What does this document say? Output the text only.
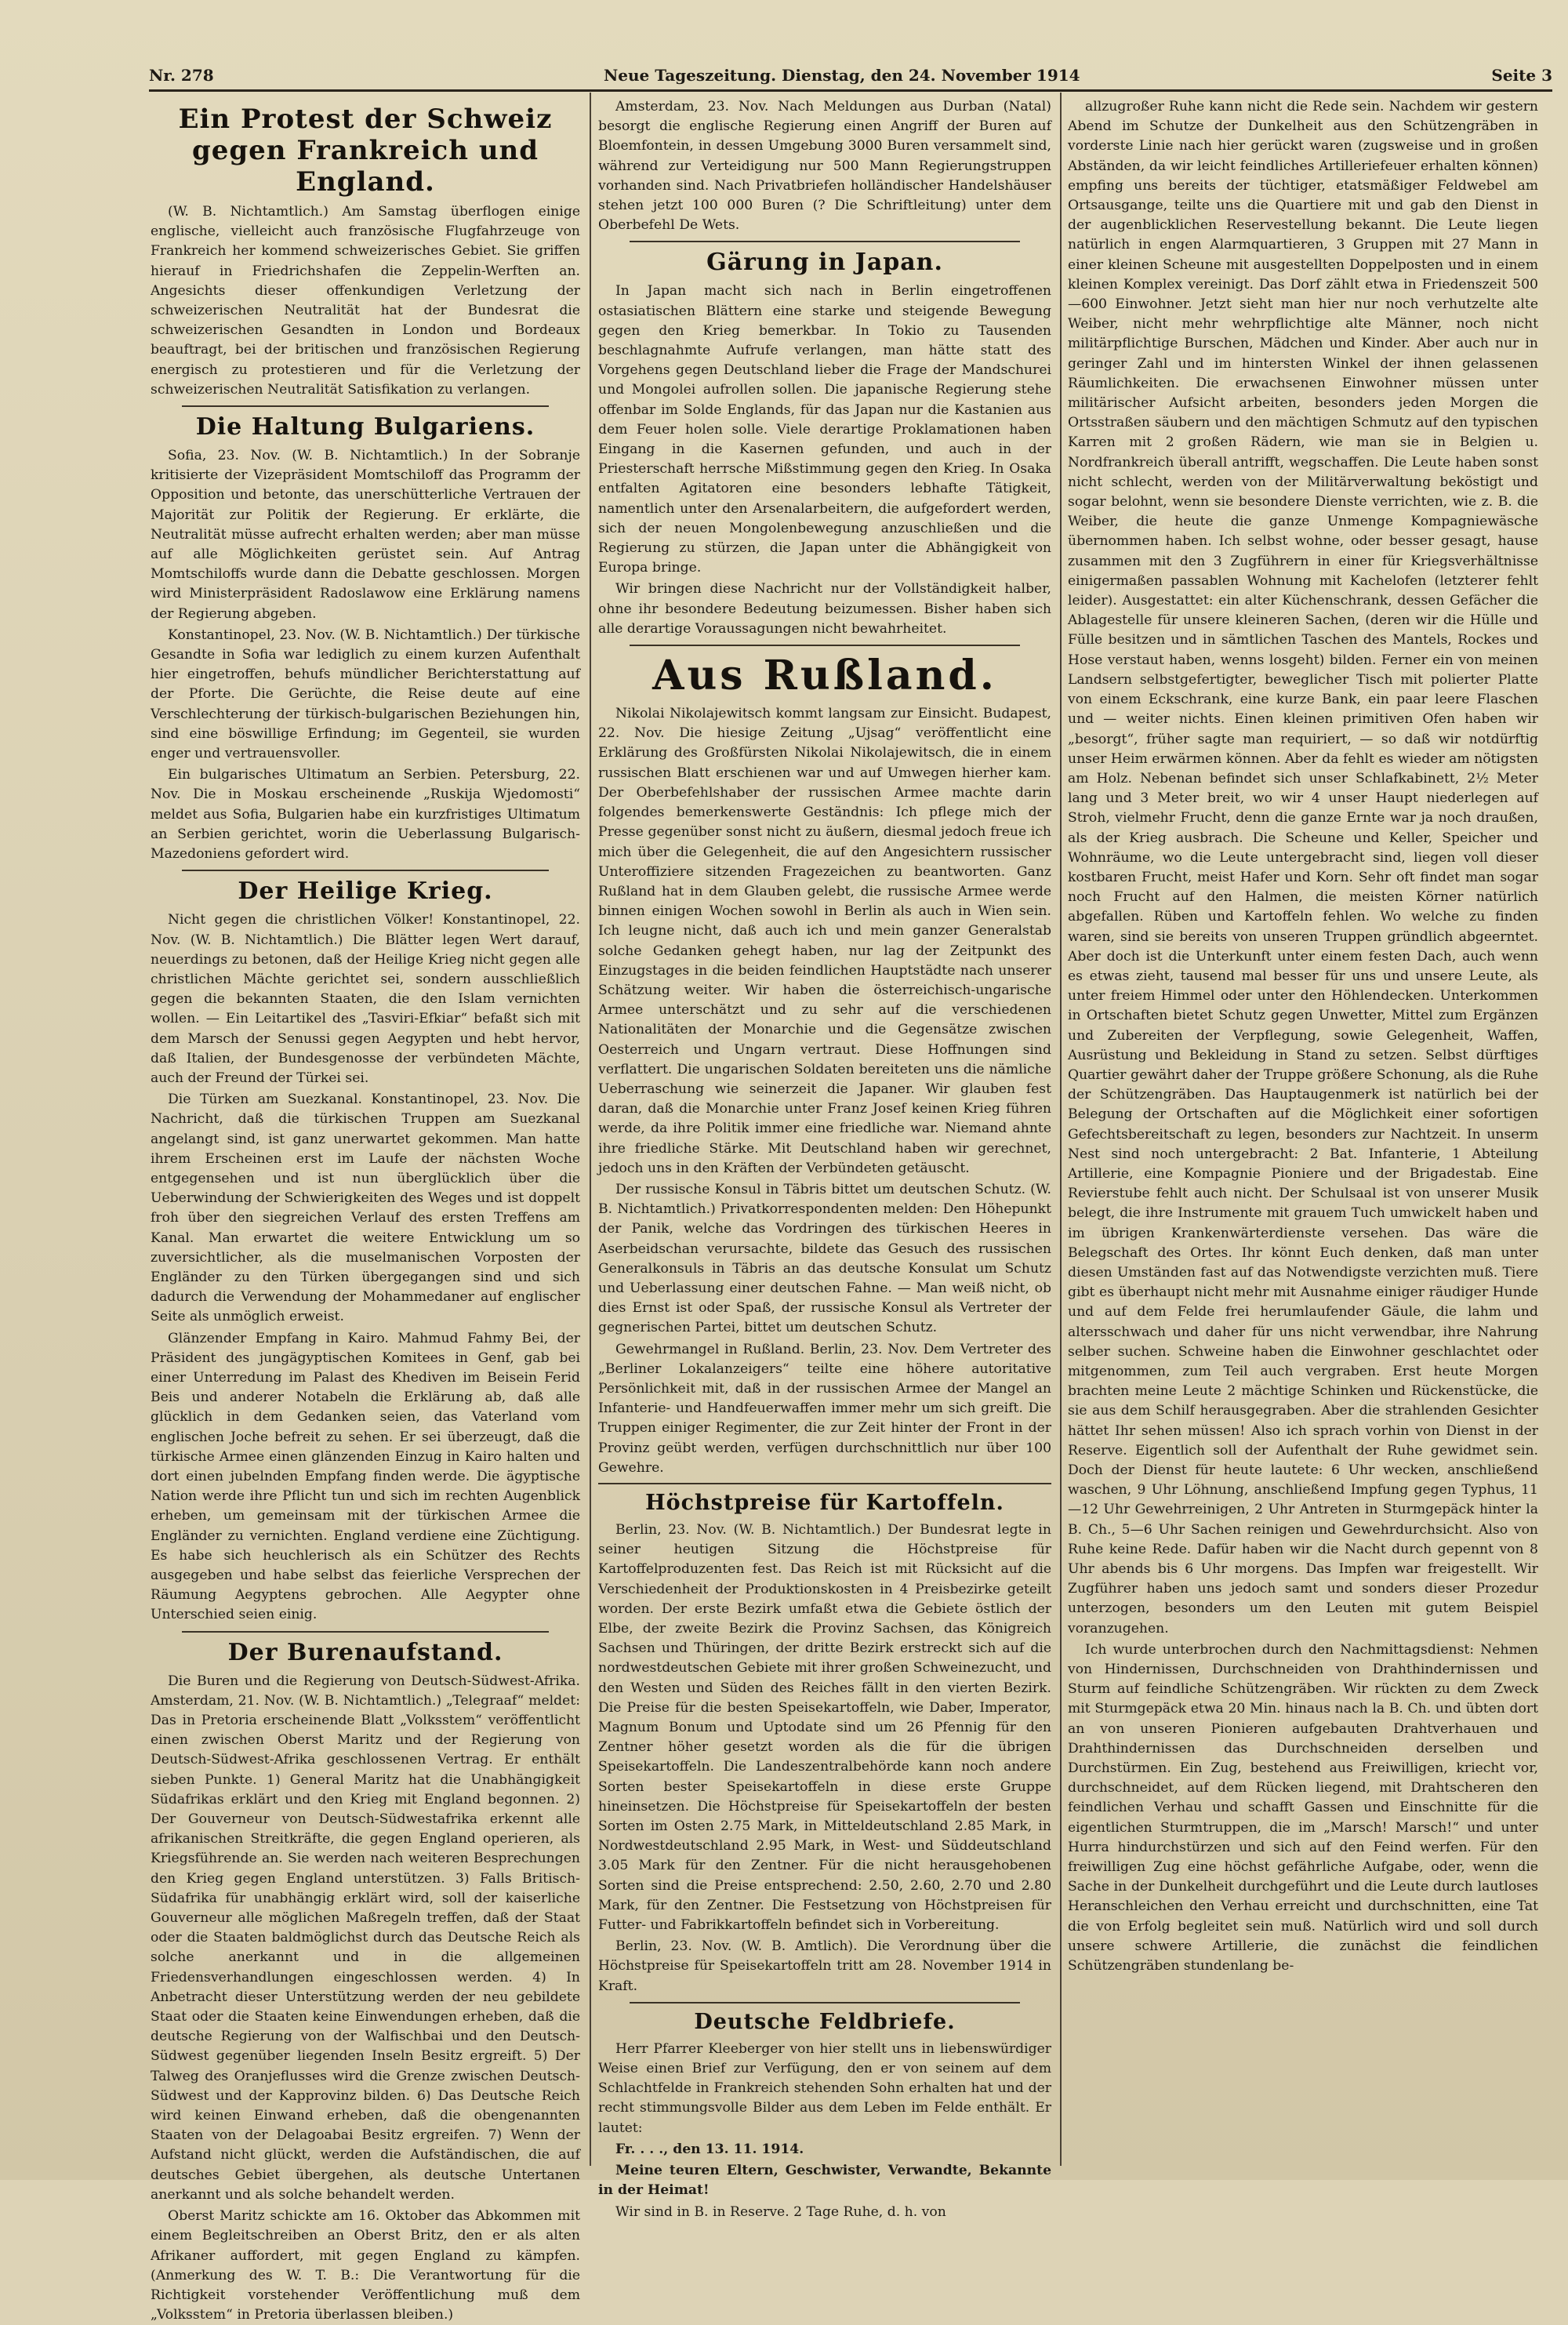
Nr. 278	Neue Tageszeitung. Dienstag, den 24. November 1914	Seite 3
Ein Protest der Schweiz gegen Frankreich und England.

(W. B. Nichtamtlich.) Am Samstag überflogen einige englische, vielleicht auch französische Flugfahrzeuge von Frankreich her kommend schweizerisches Gebiet. Sie griffen hierauf in Friedrichshafen die Zeppelin-Werften an. Angesichts dieser offenkundigen Verletzung der schweizerischen Neutralität hat der Bundesrat die schweizerischen Gesandten in London und Bordeaux beauftragt, bei der britischen und französischen Regierung energisch zu protestieren und für die Verletzung der schweizerischen Neutralität Satisfikation zu verlangen.

Die Haltung Bulgariens.

Sofia, 23. Nov. (W. B. Nichtamtlich.) In der Sobranje kritisierte der Vizepräsident Momtschiloff das Programm der Opposition und betonte, das unerschütterliche Vertrauen der Majorität zur Politik der Regierung. Er erklärte, die Neutralität müsse aufrecht erhalten werden; aber man müsse auf alle Möglichkeiten gerüstet sein. Auf Antrag Momtschiloffs wurde dann die Debatte geschlossen. Morgen wird Ministerpräsident Radoslawow eine Erklärung namens der Regierung abgeben.

Konstantinopel, 23. Nov. (W. B. Nichtamtlich.) Der türkische Gesandte in Sofia war lediglich zu einem kurzen Aufenthalt hier eingetroffen, behufs mündlicher Berichterstattung auf der Pforte. Die Gerüchte, die Reise deute auf eine Verschlechterung der türkisch-bulgarischen Beziehungen hin, sind eine böswillige Erfindung; im Gegenteil, sie wurden enger und vertrauensvoller.

Ein bulgarisches Ultimatum an Serbien. Petersburg, 22. Nov. Die in Moskau erscheinende „Ruskija Wjedomosti“ meldet aus Sofia, Bulgarien habe ein kurzfristiges Ultimatum an Serbien gerichtet, worin die Ueberlassung Bulgarisch-Mazedoniens gefordert wird.

Der Heilige Krieg.

Nicht gegen die christlichen Völker! Konstantinopel, 22. Nov. (W. B. Nichtamtlich.) Die Blätter legen Wert darauf, neuerdings zu betonen, daß der Heilige Krieg nicht gegen alle christlichen Mächte gerichtet sei, sondern ausschließlich gegen die bekannten Staaten, die den Islam vernichten wollen. — Ein Leitartikel des „Tasviri-Efkiar“ befaßt sich mit dem Marsch der Senussi gegen Aegypten und hebt hervor, daß Italien, der Bundesgenosse der verbündeten Mächte, auch der Freund der Türkei sei.

Die Türken am Suezkanal. Konstantinopel, 23. Nov. Die Nachricht, daß die türkischen Truppen am Suezkanal angelangt sind, ist ganz unerwartet gekommen. Man hatte ihrem Erscheinen erst im Laufe der nächsten Woche entgegensehen und ist nun überglücklich über die Ueberwindung der Schwierigkeiten des Weges und ist doppelt froh über den siegreichen Verlauf des ersten Treffens am Kanal. Man erwartet die weitere Entwicklung um so zuversichtlicher, als die muselmanischen Vorposten der Engländer zu den Türken übergegangen sind und sich dadurch die Verwendung der Mohammedaner auf englischer Seite als unmöglich erweist.

Glänzender Empfang in Kairo. Mahmud Fahmy Bei, der Präsident des jungägyptischen Komitees in Genf, gab bei einer Unterredung im Palast des Khediven im Beisein Ferid Beis und anderer Notabeln die Erklärung ab, daß alle glücklich in dem Gedanken seien, das Vaterland vom englischen Joche befreit zu sehen. Er sei überzeugt, daß die türkische Armee einen glänzenden Einzug in Kairo halten und dort einen jubelnden Empfang finden werde. Die ägyptische Nation werde ihre Pflicht tun und sich im rechten Augenblick erheben, um gemeinsam mit der türkischen Armee die Engländer zu vernichten. England verdiene eine Züchtigung. Es habe sich heuchlerisch als ein Schützer des Rechts ausgegeben und habe selbst das feierliche Versprechen der Räumung Aegyptens gebrochen. Alle Aegypter ohne Unterschied seien einig.

Der Burenaufstand.

Die Buren und die Regierung von Deutsch-Südwest-Afrika. Amsterdam, 21. Nov. (W. B. Nichtamtlich.) „Telegraaf“ meldet: Das in Pretoria erscheinende Blatt „Volksstem“ veröffentlicht einen zwischen Oberst Maritz und der Regierung von Deutsch-Südwest-Afrika geschlossenen Vertrag. Er enthält sieben Punkte. 1) General Maritz hat die Unabhängigkeit Südafrikas erklärt und den Krieg mit England begonnen. 2) Der Gouverneur von Deutsch-Südwestafrika erkennt alle afrikanischen Streitkräfte, die gegen England operieren, als Kriegsführende an. Sie werden nach weiteren Besprechungen den Krieg gegen England unterstützen. 3) Falls Britisch-Südafrika für unabhängig erklärt wird, soll der kaiserliche Gouverneur alle möglichen Maßregeln treffen, daß der Staat oder die Staaten baldmöglichst durch das Deutsche Reich als solche anerkannt und in die allgemeinen Friedensverhandlungen eingeschlossen werden. 4) In Anbetracht dieser Unterstützung werden der neu gebildete Staat oder die Staaten keine Einwendungen erheben, daß die deutsche Regierung von der Walfischbai und den Deutsch-Südwest gegenüber liegenden Inseln Besitz ergreift. 5) Der Talweg des Oranjeflusses wird die Grenze zwischen Deutsch-Südwest und der Kapprovinz bilden. 6) Das Deutsche Reich wird keinen Einwand erheben, daß die obengenannten Staaten von der Delagoabai Besitz ergreifen. 7) Wenn der Aufstand nicht glückt, werden die Aufständischen, die auf deutsches Gebiet übergehen, als deutsche Untertanen anerkannt und als solche behandelt werden.

Oberst Maritz schickte am 16. Oktober das Abkommen mit einem Begleitschreiben an Oberst Britz, den er als alten Afrikaner auffordert, mit gegen England zu kämpfen. (Anmerkung des W. T. B.: Die Verantwortung für die Richtigkeit vorstehender Veröffentlichung muß dem „Volksstem“ in Pretoria überlassen bleiben.)

Amsterdam, 23. Nov. Nach Meldungen aus Durban (Natal) besorgt die englische Regierung einen Angriff der Buren auf Bloemfontein, in dessen Umgebung 3000 Buren versammelt sind, während zur Verteidigung nur 500 Mann Regierungstruppen vorhanden sind. Nach Privatbriefen holländischer Handelshäuser stehen jetzt 100 000 Buren (? Die Schriftleitung) unter dem Oberbefehl De Wets.

Gärung in Japan.

In Japan macht sich nach in Berlin eingetroffenen ostasiatischen Blättern eine starke und steigende Bewegung gegen den Krieg bemerkbar. In Tokio zu Tausenden beschlagnahmte Aufrufe verlangen, man hätte statt des Vorgehens gegen Deutschland lieber die Frage der Mandschurei und Mongolei aufrollen sollen. Die japanische Regierung stehe offenbar im Solde Englands, für das Japan nur die Kastanien aus dem Feuer holen solle. Viele derartige Proklamationen haben Eingang in die Kasernen gefunden, und auch in der Priesterschaft herrsche Mißstimmung gegen den Krieg. In Osaka entfalten Agitatoren eine besonders lebhafte Tätigkeit, namentlich unter den Arsenalarbeitern, die aufgefordert werden, sich der neuen Mongolenbewegung anzuschließen und die Regierung zu stürzen, die Japan unter die Abhängigkeit von Europa bringe.

Wir bringen diese Nachricht nur der Vollständigkeit halber, ohne ihr besondere Bedeutung beizumessen. Bisher haben sich alle derartige Voraussagungen nicht bewahrheitet.

Aus Rußland.

Nikolai Nikolajewitsch kommt langsam zur Einsicht. Budapest, 22. Nov. Die hiesige Zeitung „Ujsag“ veröffentlicht eine Erklärung des Großfürsten Nikolai Nikolajewitsch, die in einem russischen Blatt erschienen war und auf Umwegen hierher kam. Der Oberbefehlshaber der russischen Armee machte darin folgendes bemerkenswerte Geständnis: Ich pflege mich der Presse gegenüber sonst nicht zu äußern, diesmal jedoch freue ich mich über die Gelegenheit, die auf den Angesichtern russischer Unteroffiziere sitzenden Fragezeichen zu beantworten. Ganz Rußland hat in dem Glauben gelebt, die russische Armee werde binnen einigen Wochen sowohl in Berlin als auch in Wien sein. Ich leugne nicht, daß auch ich und mein ganzer Generalstab solche Gedanken gehegt haben, nur lag der Zeitpunkt des Einzugstages in die beiden feindlichen Hauptstädte nach unserer Schätzung weiter. Wir haben die österreichisch-ungarische Armee unterschätzt und zu sehr auf die verschiedenen Nationalitäten der Monarchie und die Gegensätze zwischen Oesterreich und Ungarn vertraut. Diese Hoffnungen sind verflattert. Die ungarischen Soldaten bereiteten uns die nämliche Ueberraschung wie seinerzeit die Japaner. Wir glauben fest daran, daß die Monarchie unter Franz Josef keinen Krieg führen werde, da ihre Politik immer eine friedliche war. Niemand ahnte ihre friedliche Stärke. Mit Deutschland haben wir gerechnet, jedoch uns in den Kräften der Verbündeten getäuscht.

Der russische Konsul in Täbris bittet um deutschen Schutz. (W. B. Nichtamtlich.) Privatkorrespondenten melden: Den Höhepunkt der Panik, welche das Vordringen des türkischen Heeres in Aserbeidschan verursachte, bildete das Gesuch des russischen Generalkonsuls in Täbris an das deutsche Konsulat um Schutz und Ueberlassung einer deutschen Fahne. — Man weiß nicht, ob dies Ernst ist oder Spaß, der russische Konsul als Vertreter der gegnerischen Partei, bittet um deutschen Schutz.

Gewehrmangel in Rußland. Berlin, 23. Nov. Dem Vertreter des „Berliner Lokalanzeigers“ teilte eine höhere autoritative Persönlichkeit mit, daß in der russischen Armee der Mangel an Infanterie- und Handfeuerwaffen immer mehr um sich greift. Die Truppen einiger Regimenter, die zur Zeit hinter der Front in der Provinz geübt werden, verfügen durchschnittlich nur über 100 Gewehre.

Höchstpreise für Kartoffeln.

Berlin, 23. Nov. (W. B. Nichtamtlich.) Der Bundesrat legte in seiner heutigen Sitzung die Höchstpreise für Kartoffelproduzenten fest. Das Reich ist mit Rücksicht auf die Verschiedenheit der Produktionskosten in 4 Preisbezirke geteilt worden. Der erste Bezirk umfaßt etwa die Gebiete östlich der Elbe, der zweite Bezirk die Provinz Sachsen, das Königreich Sachsen und Thüringen, der dritte Bezirk erstreckt sich auf die nordwestdeutschen Gebiete mit ihrer großen Schweinezucht, und den Westen und Süden des Reiches fällt in den vierten Bezirk. Die Preise für die besten Speisekartoffeln, wie Daber, Imperator, Magnum Bonum und Uptodate sind um 26 Pfennig für den Zentner höher gesetzt worden als die für die übrigen Speisekartoffeln. Die Landeszentralbehörde kann noch andere Sorten bester Speisekartoffeln in diese erste Gruppe hineinsetzen. Die Höchstpreise für Speisekartoffeln der besten Sorten im Osten 2.75 Mark, in Mitteldeutschland 2.85 Mark, in Nordwestdeutschland 2.95 Mark, in West- und Süddeutschland 3.05 Mark für den Zentner. Für die nicht herausgehobenen Sorten sind die Preise entsprechend: 2.50, 2.60, 2.70 und 2.80 Mark, für den Zentner. Die Festsetzung von Höchstpreisen für Futter- und Fabrikkartoffeln befindet sich in Vorbereitung.

Berlin, 23. Nov. (W. B. Amtlich). Die Verordnung über die Höchstpreise für Speisekartoffeln tritt am 28. November 1914 in Kraft.

Deutsche Feldbriefe.

Herr Pfarrer Kleeberger von hier stellt uns in liebenswürdiger Weise einen Brief zur Verfügung, den er von seinem auf dem Schlachtfelde in Frankreich stehenden Sohn erhalten hat und der recht stimmungsvolle Bilder aus dem Leben im Felde enthält. Er lautet:

Fr. . . ., den 13. 11. 1914.

Meine teuren Eltern, Geschwister, Verwandte, Bekannte in der Heimat!

Wir sind in B. in Reserve. 2 Tage Ruhe, d. h. von

allzugroßer Ruhe kann nicht die Rede sein. Nachdem wir gestern Abend im Schutze der Dunkelheit aus den Schützengräben in vorderste Linie nach hier gerückt waren (zugsweise und in großen Abständen, da wir leicht feindliches Artilleriefeuer erhalten können) empfing uns bereits der tüchtiger, etatsmäßiger Feldwebel am Ortsausgange, teilte uns die Quartiere mit und gab den Dienst in der augenblicklichen Reservestellung bekannt. Die Leute liegen natürlich in engen Alarmquartieren, 3 Gruppen mit 27 Mann in einer kleinen Scheune mit ausgestellten Doppelposten und in einem kleinen Komplex vereinigt. Das Dorf zählt etwa in Friedenszeit 500—600 Einwohner. Jetzt sieht man hier nur noch verhutzelte alte Weiber, nicht mehr wehrpflichtige alte Männer, noch nicht militärpflichtige Burschen, Mädchen und Kinder. Aber auch nur in geringer Zahl und im hintersten Winkel der ihnen gelassenen Räumlichkeiten. Die erwachsenen Einwohner müssen unter militärischer Aufsicht arbeiten, besonders jeden Morgen die Ortsstraßen säubern und den mächtigen Schmutz auf den typischen Karren mit 2 großen Rädern, wie man sie in Belgien u. Nordfrankreich überall antrifft, wegschaffen. Die Leute haben sonst nicht schlecht, werden von der Militärverwaltung beköstigt und sogar belohnt, wenn sie besondere Dienste verrichten, wie z. B. die Weiber, die heute die ganze Unmenge Kompagniewäsche übernommen haben. Ich selbst wohne, oder besser gesagt, hause zusammen mit den 3 Zugführern in einer für Kriegsverhältnisse einigermaßen passablen Wohnung mit Kachelofen (letzterer fehlt leider). Ausgestattet: ein alter Küchenschrank, dessen Gefächer die Ablagestelle für unsere kleineren Sachen, (deren wir die Hülle und Fülle besitzen und in sämtlichen Taschen des Mantels, Rockes und Hose verstaut haben, wenns losgeht) bilden. Ferner ein von meinen Landsern selbstgefertigter, beweglicher Tisch mit polierter Platte von einem Eckschrank, eine kurze Bank, ein paar leere Flaschen und — weiter nichts. Einen kleinen primitiven Ofen haben wir „besorgt“, früher sagte man requiriert, — so daß wir notdürftig unser Heim erwärmen können. Aber da fehlt es wieder am nötigsten am Holz. Nebenan befindet sich unser Schlafkabinett, 2½ Meter lang und 3 Meter breit, wo wir 4 unser Haupt niederlegen auf Stroh, vielmehr Frucht, denn die ganze Ernte war ja noch draußen, als der Krieg ausbrach. Die Scheune und Keller, Speicher und Wohnräume, wo die Leute untergebracht sind, liegen voll dieser kostbaren Frucht, meist Hafer und Korn. Sehr oft findet man sogar noch Frucht auf den Halmen, die meisten Körner natürlich abgefallen. Rüben und Kartoffeln fehlen. Wo welche zu finden waren, sind sie bereits von unseren Truppen gründlich abgeerntet. Aber doch ist die Unterkunft unter einem festen Dach, auch wenn es etwas zieht, tausend mal besser für uns und unsere Leute, als unter freiem Himmel oder unter den Höhlendecken. Unterkommen in Ortschaften bietet Schutz gegen Unwetter, Mittel zum Ergänzen und Zubereiten der Verpflegung, sowie Gelegenheit, Waffen, Ausrüstung und Bekleidung in Stand zu setzen. Selbst dürftiges Quartier gewährt daher der Truppe größere Schonung, als die Ruhe der Schützengräben. Das Hauptaugenmerk ist natürlich bei der Belegung der Ortschaften auf die Möglichkeit einer sofortigen Gefechtsbereitschaft zu legen, besonders zur Nachtzeit. In unserm Nest sind noch untergebracht: 2 Bat. Infanterie, 1 Abteilung Artillerie, eine Kompagnie Pioniere und der Brigadestab. Eine Revierstube fehlt auch nicht. Der Schulsaal ist von unserer Musik belegt, die ihre Instrumente mit grauem Tuch umwickelt haben und im übrigen Krankenwärterdienste versehen. Das wäre die Belegschaft des Ortes. Ihr könnt Euch denken, daß man unter diesen Umständen fast auf das Notwendigste verzichten muß. Tiere gibt es überhaupt nicht mehr mit Ausnahme einiger räudiger Hunde und auf dem Felde frei herumlaufender Gäule, die lahm und altersschwach und daher für uns nicht verwendbar, ihre Nahrung selber suchen. Schweine haben die Einwohner geschlachtet oder mitgenommen, zum Teil auch vergraben. Erst heute Morgen brachten meine Leute 2 mächtige Schinken und Rückenstücke, die sie aus dem Schilf herausgegraben. Aber die strahlenden Gesichter hättet Ihr sehen müssen! Also ich sprach vorhin von Dienst in der Reserve. Eigentlich soll der Aufenthalt der Ruhe gewidmet sein. Doch der Dienst für heute lautete: 6 Uhr wecken, anschließend waschen, 9 Uhr Löhnung, anschließend Impfung gegen Typhus, 11—12 Uhr Gewehrreinigen, 2 Uhr Antreten in Sturmgepäck hinter la B. Ch., 5—6 Uhr Sachen reinigen und Gewehrdurchsicht. Also von Ruhe keine Rede. Dafür haben wir die Nacht durch gepennt von 8 Uhr abends bis 6 Uhr morgens. Das Impfen war freigestellt. Wir Zugführer haben uns jedoch samt und sonders dieser Prozedur unterzogen, besonders um den Leuten mit gutem Beispiel voranzugehen.

Ich wurde unterbrochen durch den Nachmittagsdienst: Nehmen von Hindernissen, Durchschneiden von Drahthindernissen und Sturm auf feindliche Schützengräben. Wir rückten zu dem Zweck mit Sturmgepäck etwa 20 Min. hinaus nach la B. Ch. und übten dort an von unseren Pionieren aufgebauten Drahtverhauen und Drahthindernissen das Durchschneiden derselben und Durchstürmen. Ein Zug, bestehend aus Freiwilligen, kriecht vor, durchschneidet, auf dem Rücken liegend, mit Drahtscheren den feindlichen Verhau und schafft Gassen und Einschnitte für die eigentlichen Sturmtruppen, die im „Marsch! Marsch!“ und unter Hurra hindurchstürzen und sich auf den Feind werfen. Für den freiwilligen Zug eine höchst gefährliche Aufgabe, oder, wenn die Sache in der Dunkelheit durchgeführt und die Leute durch lautloses Heranschleichen den Verhau erreicht und durchschnitten, eine Tat die von Erfolg begleitet sein muß. Natürlich wird und soll durch unsere schwere Artillerie, die zunächst die feindlichen Schützengräben stundenlang be-
